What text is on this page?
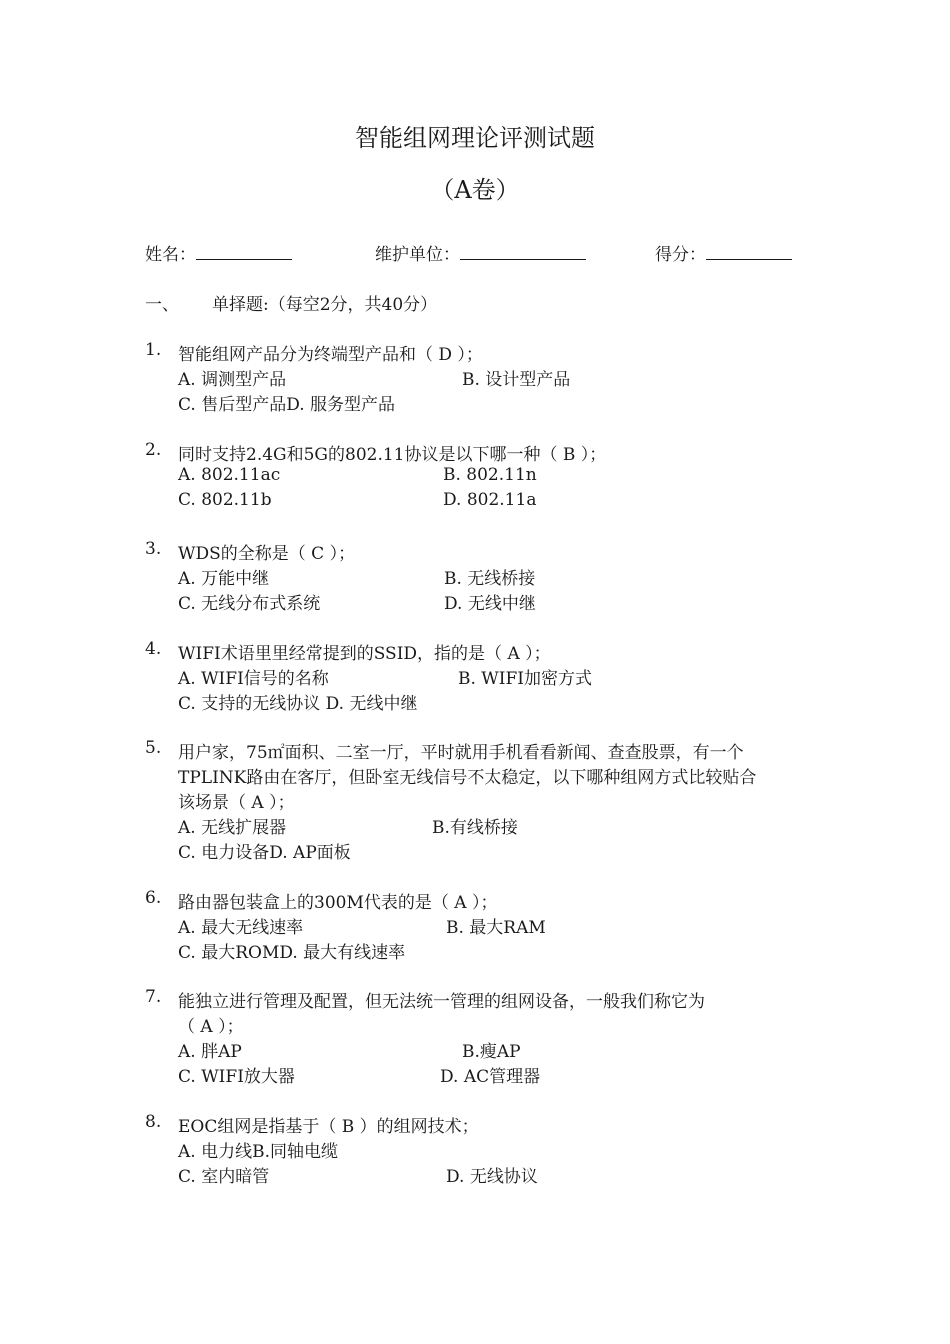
智能组网理论评测试题
（A卷）
姓名：	维护单位：	得分：
一、 单择题:（每空2分，共40分）
1. 智能组网产品分为终端型产品和（ D ）；
A. 调测型产品	B. 设计型产品
C. 售后型产品D. 服务型产品
2. 同时支持2.4G和5G的802.11协议是以下哪一种（ B ）；
A. 802.11ac	B. 802.11n
C. 802.11b	D. 802.11a
3. WDS的全称是（ C ）；
A. 万能中继	B. 无线桥接
C. 无线分布式系统	D. 无线中继
4. WIFI术语里里经常提到的SSID，指的是（ A ）；
A. WIFI信号的名称	B. WIFI加密方式
C. 支持的无线协议 D. 无线中继
5. 用户家，75㎡面积、二室一厅，平时就用手机看看新闻、查查股票，有一个
TPLINK路由在客厅，但卧室无线信号不太稳定，以下哪种组网方式比较贴合
该场景（ A ）；
A. 无线扩展器	B.有线桥接
C. 电力设备D. AP面板
6. 路由器包装盒上的300M代表的是（ A ）；
A. 最大无线速率	B. 最大RAM
C. 最大ROMD. 最大有线速率
7. 能独立进行管理及配置，但无法统一管理的组网设备，一般我们称它为
（ A ）；
A. 胖AP	B.瘦AP
C. WIFI放大器	D. AC管理器
8. EOC组网是指基于（ B ）的组网技术；
A. 电力线B.同轴电缆
C. 室内暗管	D. 无线协议
